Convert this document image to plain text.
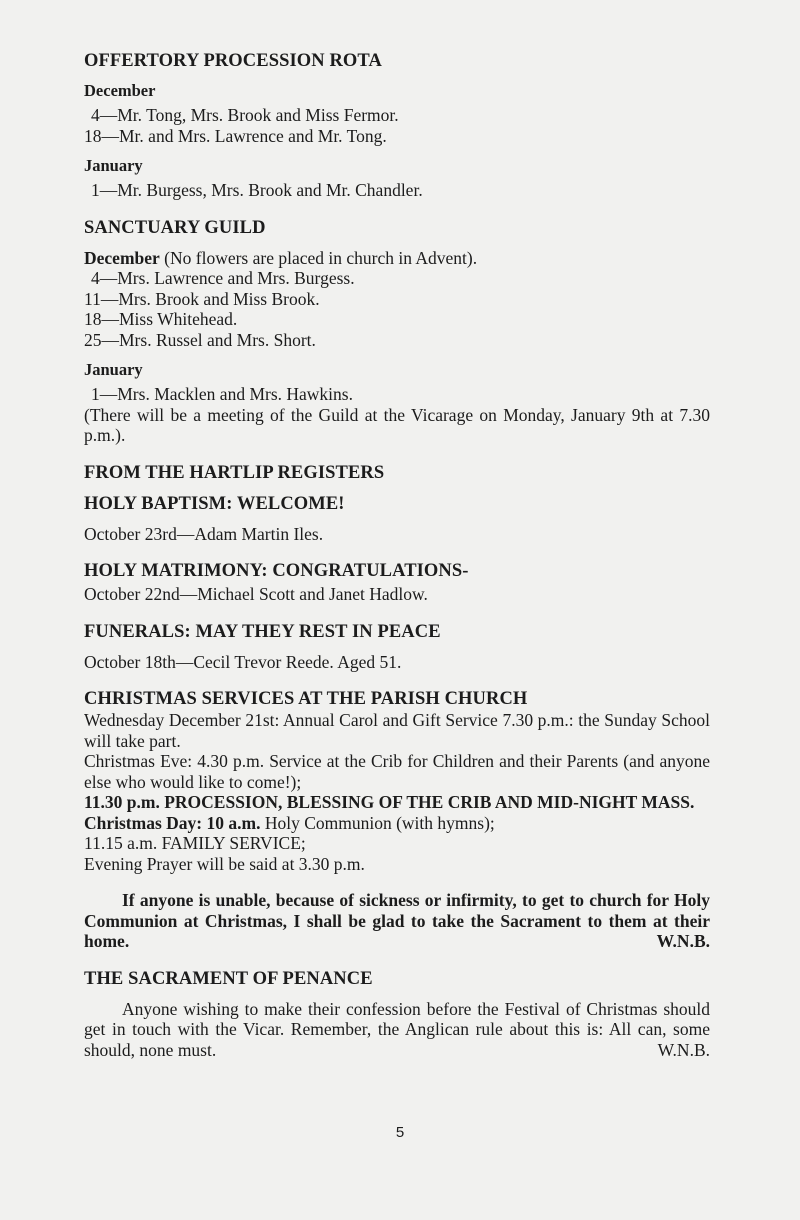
OFFERTORY PROCESSION ROTA
December

4—Mr. Tong, Mrs. Brook and Miss Fermor.

18—Mr. and Mrs. Lawrence and Mr. Tong.

January

1—Mr. Burgess, Mrs. Brook and Mr. Chandler.

SANCTUARY GUILD

December (No flowers are placed in church in Advent).

4—Mrs. Lawrence and Mrs. Burgess.

11—Mrs. Brook and Miss Brook.

18—Miss Whitehead.

25—Mrs. Russel and Mrs. Short.

January

1—Mrs. Macklen and Mrs. Hawkins.

(There will be a meeting of the Guild at the Vicarage on Monday, January 9th at 7.30 p.m.).

FROM THE HARTLIP REGISTERS
HOLY BAPTISM: WELCOME!

October 23rd—Adam Martin Iles.

HOLY MATRIMONY: CONGRATULATIONS-

October 22nd—Michael Scott and Janet Hadlow.

FUNERALS: MAY THEY REST IN PEACE

October 18th—Cecil Trevor Reede. Aged 51.

CHRISTMAS SERVICES AT THE PARISH CHURCH

Wednesday December 21st: Annual Carol and Gift Service 7.30 p.m.: the Sunday School will take part.

Christmas Eve: 4.30 p.m. Service at the Crib for Children and their Parents (and anyone else who would like to come!);

11.30 p.m. PROCESSION, BLESSING OF THE CRIB AND MID-NIGHT MASS.

Christmas Day: 10 a.m. Holy Communion (with hymns);

11.15 a.m. FAMILY SERVICE;

Evening Prayer will be said at 3.30 p.m.

If anyone is unable, because of sickness or infirmity, to get to church for Holy Communion at Christmas, I shall be glad to take the Sacrament to them at their home.	W.N.B.

THE SACRAMENT OF PENANCE

Anyone wishing to make their confession before the Festival of Christmas should get in touch with the Vicar. Remember, the Anglican rule about this is: All can, some should, none must.	W.N.B.

5
